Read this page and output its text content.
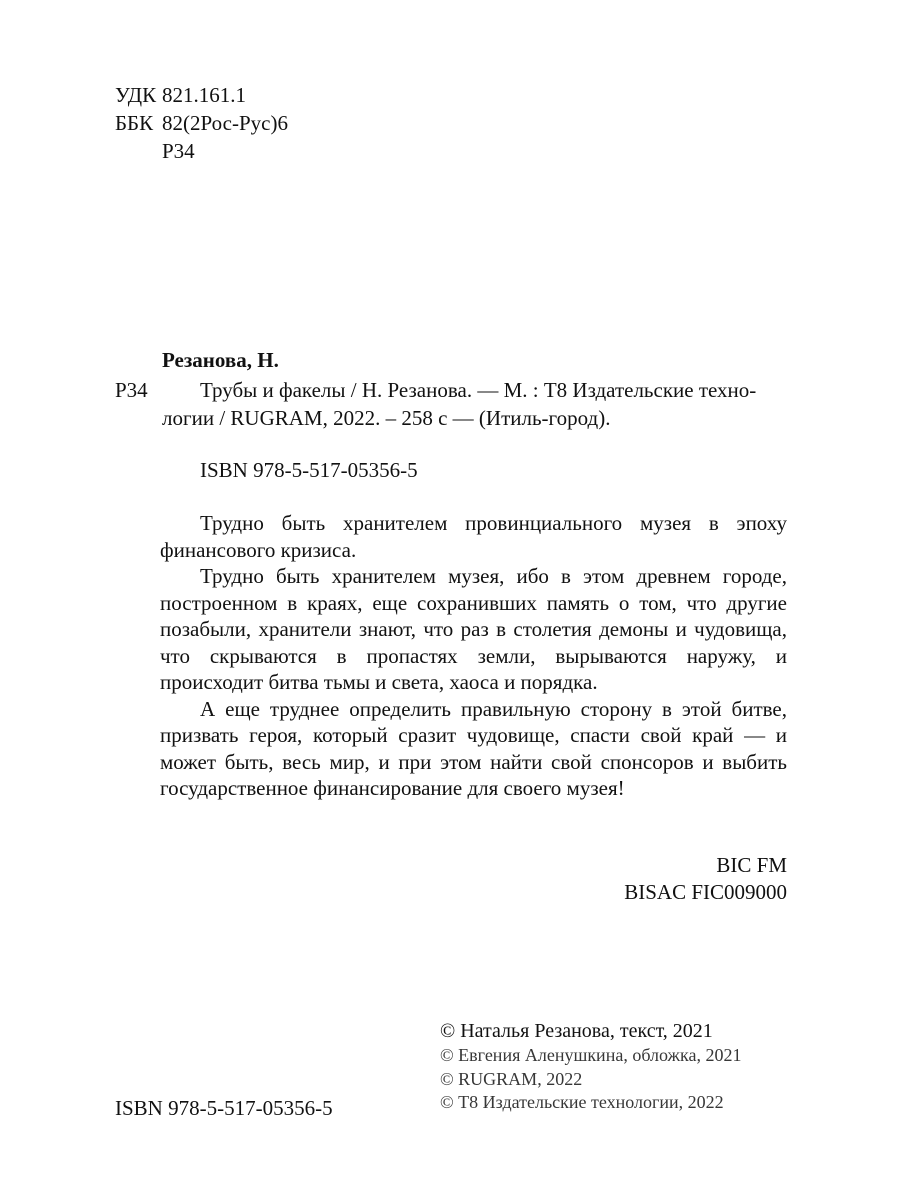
УДК 821.161.1
ББК 82(2Рос-Рус)6
Р34
Резанова, Н.
Р34 Трубы и факелы / Н. Резанова. — М. : Т8 Издательские техно-
логии / RUGRAM, 2022. – 258 с — (Итиль-город).
ISBN 978-5-517-05356-5

Трудно быть хранителем провинциального музея в эпоху финансового кризиса.

Трудно быть хранителем музея, ибо в этом древнем городе, построенном в краях, еще сохранивших память о том, что другие позабыли, хранители знают, что раз в столетия демоны и чудовища, что скрываются в пропастях земли, вырываются наружу, и происходит битва тьмы и света, хаоса и порядка.

А еще труднее определить правильную сторону в этой битве, призвать героя, который сразит чудовище, спасти свой край — и может быть, весь мир, и при этом найти свой спонсоров и выбить государственное финансирование для своего музея!

BIC FM
BISAC FIC009000
© Наталья Резанова, текст, 2021
© Евгения Аленушкина, обложка, 2021
© RUGRAM, 2022
© Т8 Издательские технологии, 2022
ISBN 978-5-517-05356-5
